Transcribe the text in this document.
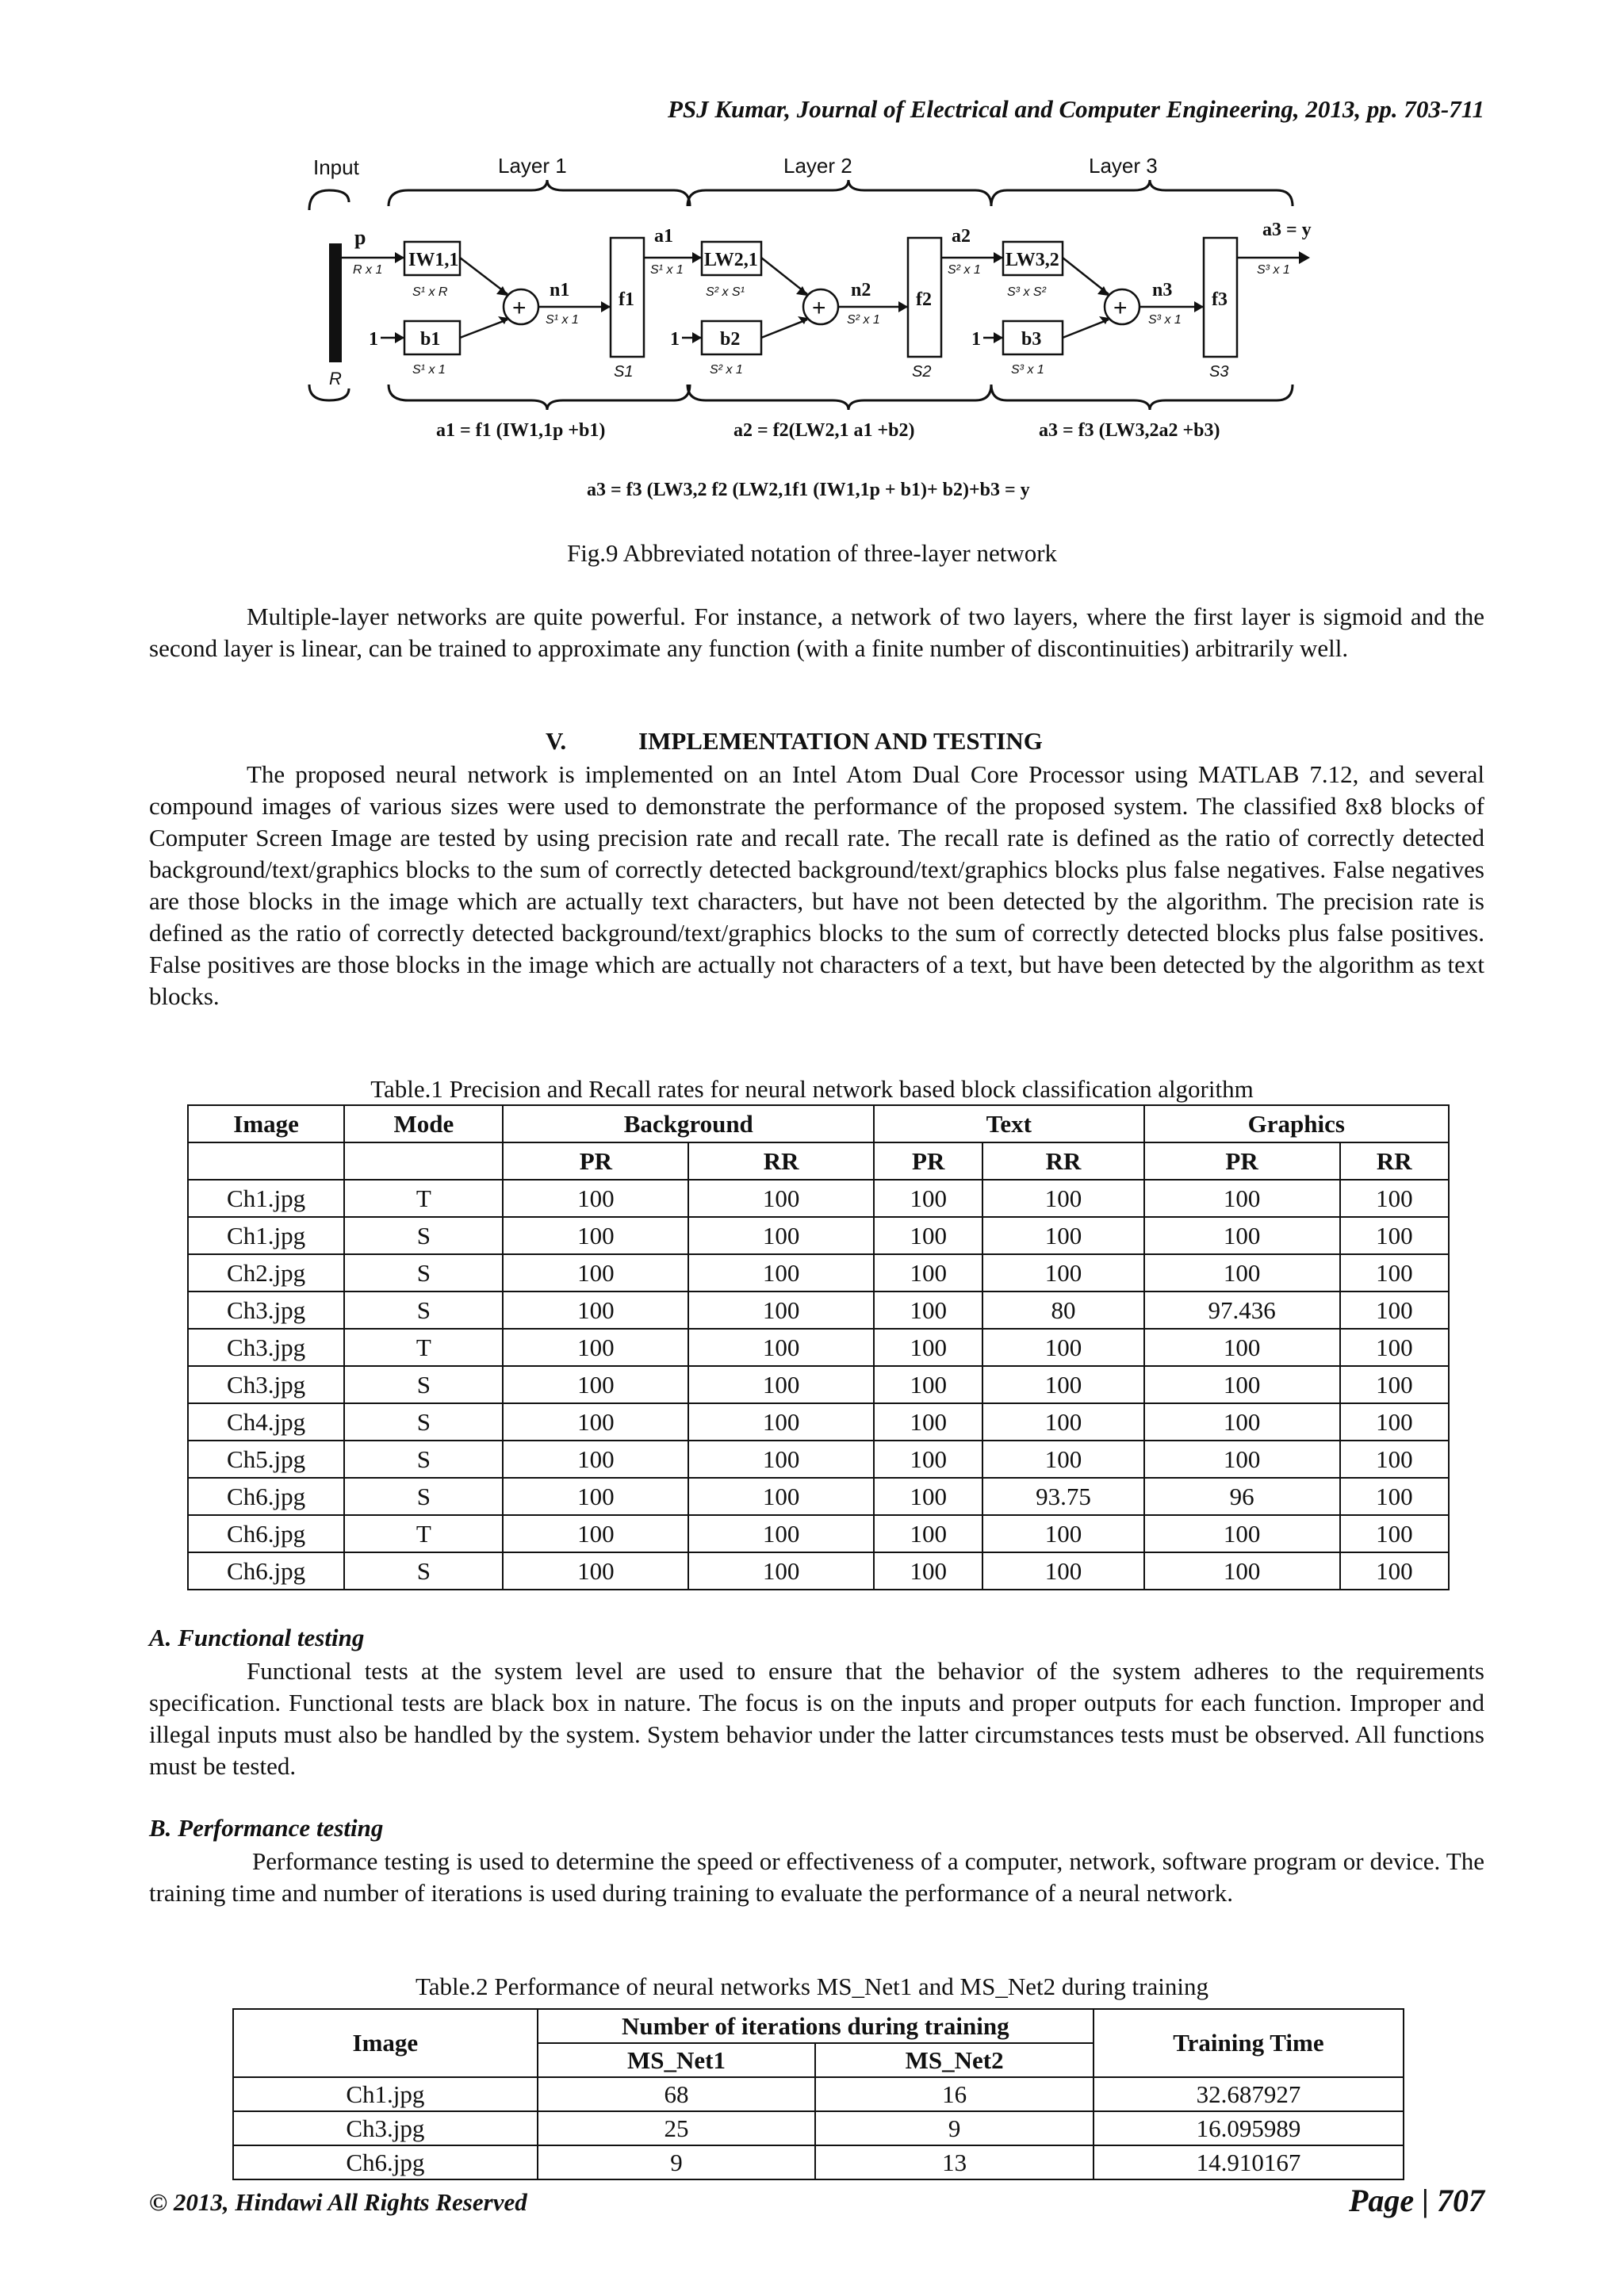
PSJ Kumar, Journal of Electrical and Computer Engineering, 2013, pp. 703-711
Input	Layer 1	Layer 2	Layer 3
p
R x 1
R
+	+	+
IW1,1
b1
1
n1	f1
a1
LW2,1
b2
1
n2 f2
a2
LW3,2
b3
1
n3 f3
a3 = y
S¹ x R
S¹ x 1
S¹ x 1
S1
S¹ x 1
S² x S¹
S² x 1
S² x 1
S2
S² x 1
S³ x S²
S³ x 1
S³ x 1
S3
S³ x 1
a1 = f1 (IW1,1p +b1)	a2 = f2(LW2,1 a1 +b2)	a3 = f3 (LW3,2a2 +b3)
a3 = f3 (LW3,2 f2 (LW2,1f1 (IW1,1p + b1)+ b2)+b3 = y
Fig.9 Abbreviated notation of three-layer network
Multiple-layer networks are quite powerful. For instance, a network of two layers, where the first layer is sigmoid and the second layer is linear, can be trained to approximate any function (with a finite number of discontinuities) arbitrarily well.
V.	IMPLEMENTATION AND TESTING
The proposed neural network is implemented on an Intel Atom Dual Core Processor using MATLAB 7.12, and several compound images of various sizes were used to demonstrate the performance of the proposed system. The classified 8x8 blocks of Computer Screen Image are tested by using precision rate and recall rate. The recall rate is defined as the ratio of correctly detected background/text/graphics blocks to the sum of correctly detected background/text/graphics blocks plus false negatives. False negatives are those blocks in the image which are actually text characters, but have not been detected by the algorithm. The precision rate is defined as the ratio of correctly detected background/text/graphics blocks to the sum of correctly detected blocks plus false positives. False positives are those blocks in the image which are actually not characters of a text, but have been detected by the algorithm as text blocks.
Table.1 Precision and Recall rates for neural network based block classification algorithm
Image	Mode	Background		Text		Graphics	
		PR	RR	PR	RR	PR	RR
Ch1.jpg	T	100	100	100	100	100	100
Ch1.jpg	S	100	100	100	100	100	100
Ch2.jpg	S	100	100	100	100	100	100
Ch3.jpg	S	100	100	100	80	97.436	100
Ch3.jpg	T	100	100	100	100	100	100
Ch3.jpg	S	100	100	100	100	100	100
Ch4.jpg	S	100	100	100	100	100	100
Ch5.jpg	S	100	100	100	100	100	100
Ch6.jpg	S	100	100	100	93.75	96	100
Ch6.jpg	T	100	100	100	100	100	100
Ch6.jpg	S	100	100	100	100	100	100
A. Functional testing
Functional tests at the system level are used to ensure that the behavior of the system adheres to the requirements specification. Functional tests are black box in nature. The focus is on the inputs and proper outputs for each function. Improper and illegal inputs must also be handled by the system. System behavior under the latter circumstances tests must be observed. All functions must be tested.
B. Performance testing
Performance testing is used to determine the speed or effectiveness of a computer, network, software program or device. The training time and number of iterations is used during training to evaluate the performance of a neural network.
Table.2 Performance of neural networks MS_Net1 and MS_Net2 during training
Image	Number of iterations during training		Training Time
	MS_Net1	MS_Net2	
Ch1.jpg	68	16	32.687927
Ch3.jpg	25	9	16.095989
Ch6.jpg	9	13	14.910167
© 2013, Hindawi All Rights Reserved	Page | 707
